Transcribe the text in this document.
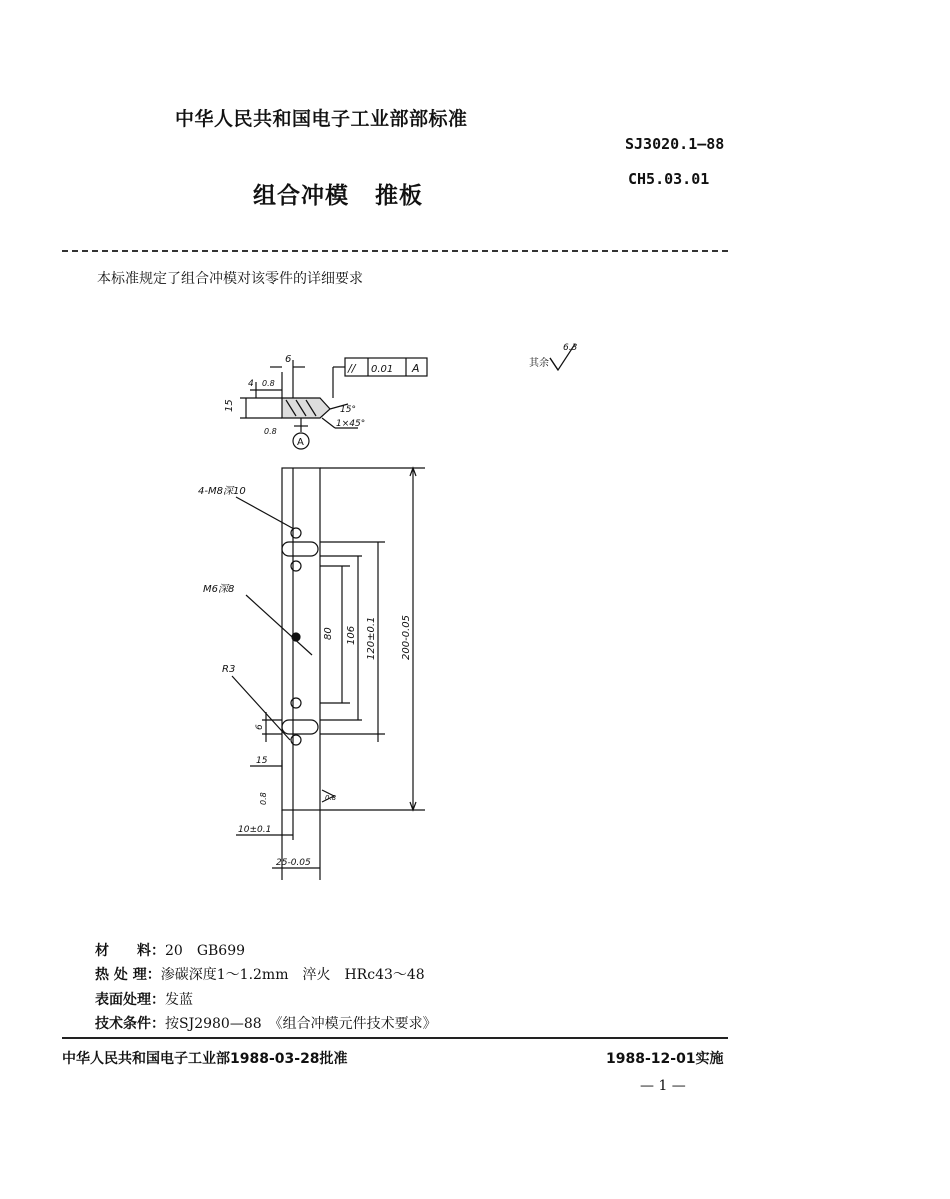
中华人民共和国电子工业部部标准
SJ3020.1—88
CH5.03.01
组合冲模 推板
本标准规定了组合冲模对该零件的详细要求
其余
6.3
// 0.01 A
6
15
4 0.8
0.8
15°
1×45°
A
4-M8深10
M6深8
R3
80 106 120±0.1 200-0.05
6
15
0.8	0.8
10±0.1
25-0.05
材　　料：20　GB699
热 处 理：渗碳深度1～1.2mm　淬火　HRc43～48
表面处理：发蓝
技术条件：按SJ2980—88　《组合冲模元件技术要求》
中华人民共和国电子工业部1988-03-28批准	1988-12-01实施
— 1 —
